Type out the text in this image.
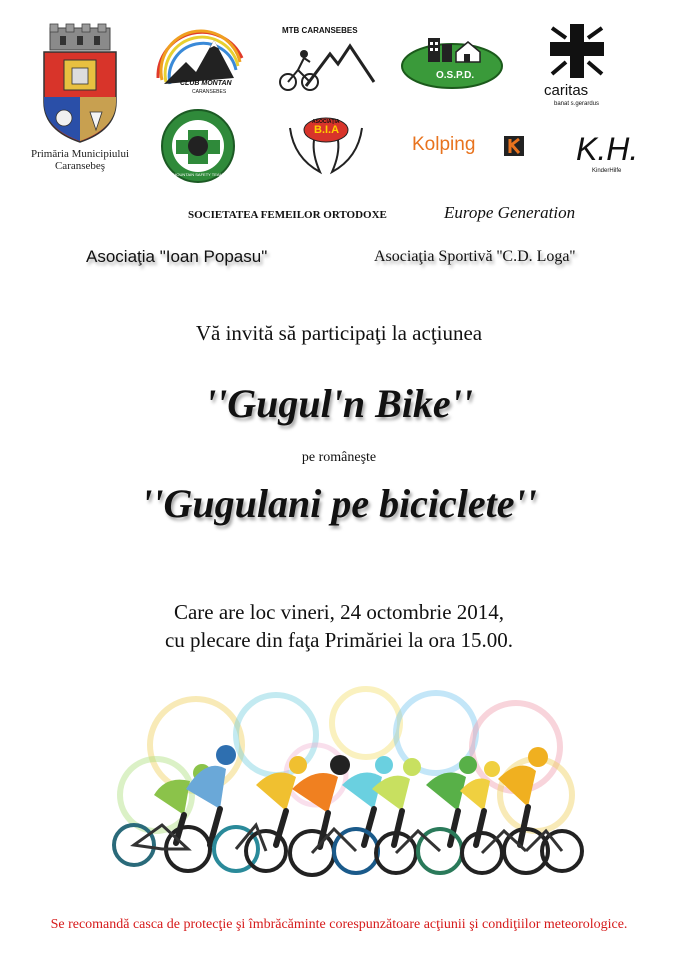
Primăria Municipiului
Caransebeş
CLUB MONTAN
CARANSEBES
MTB CARANSEBES
O.S.P.D.
caritas
banat s.gerardus
MOUNTAIN SAFETY TEAM
ASOCIAŢIA
B.I.A
Kolping	K.H.
KinderHilfe
SOCIETATEA FEMEILOR ORTODOXE	Europe Generation
Asociaţia "Ioan Popasu"	Asociaţia Sportivă ''C.D. Loga''
Vă invită să participaţi la acţiunea
''Gugul'n Bike''
pe româneşte
''Gugulani pe biciclete''
Care are loc vineri, 24 octombrie 2014,
cu plecare din faţa Primăriei la ora 15.00.
Se recomandă casca de protecţie şi îmbrăcăminte corespunzătoare acţiunii şi condiţiilor meteorologice.
